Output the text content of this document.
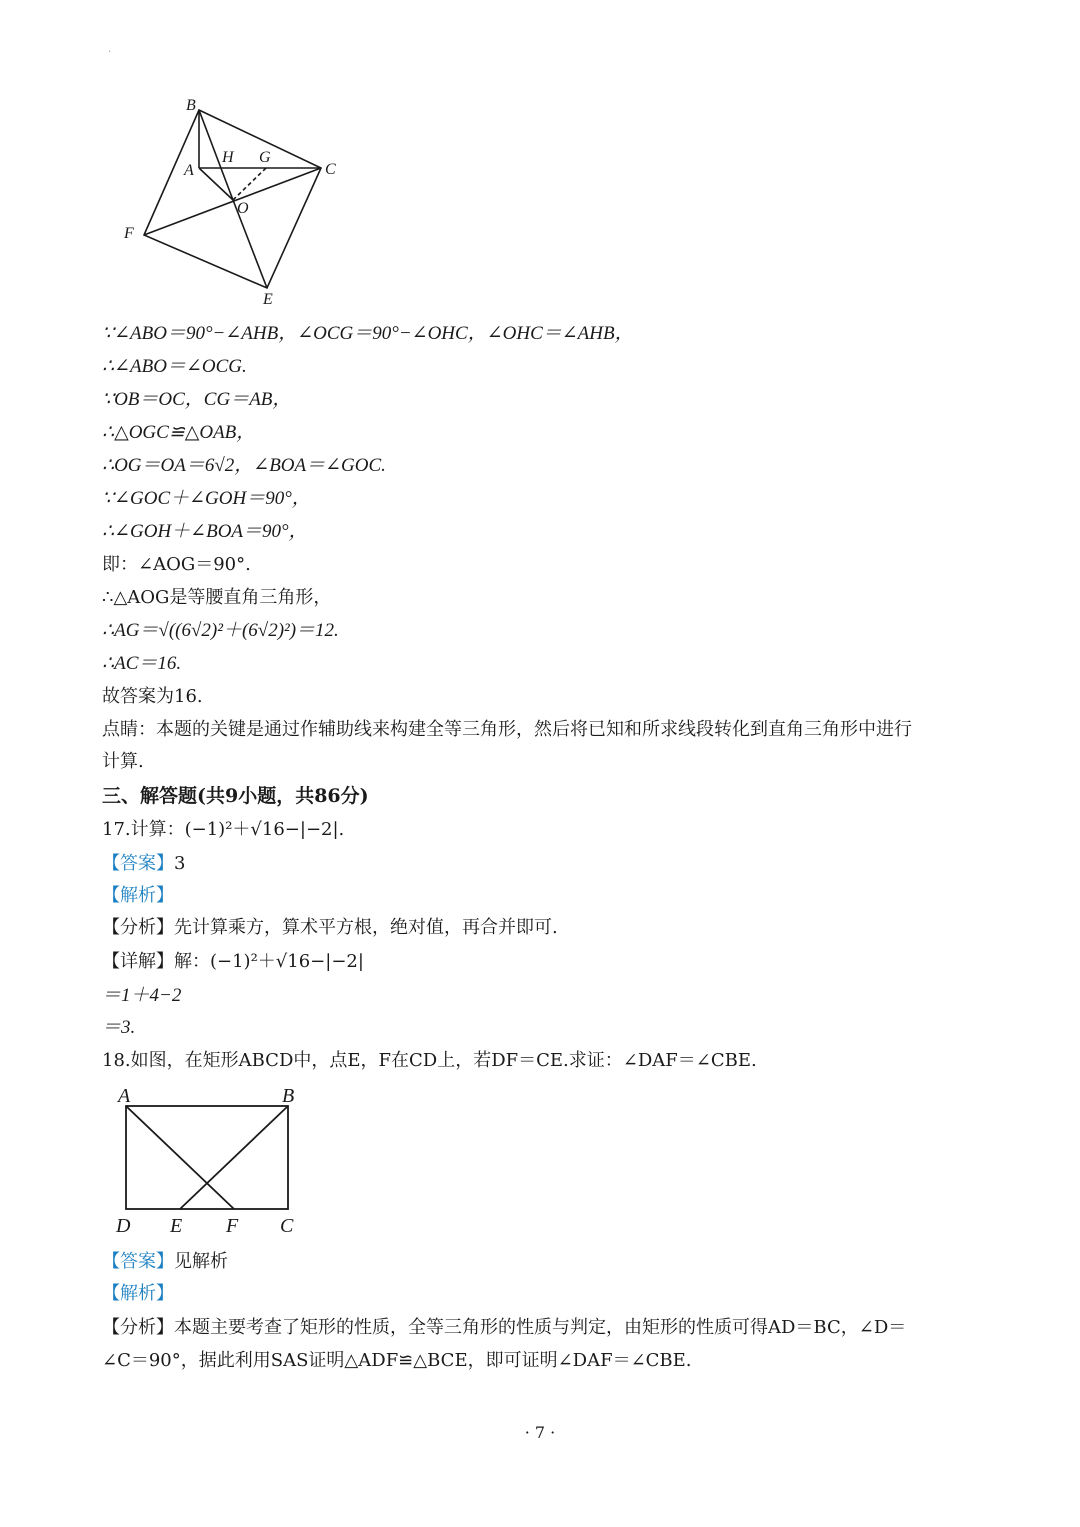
.
B
A
H G
C
O
F
E
∵∠ABO＝90°−∠AHB，∠OCG＝90°−∠OHC，∠OHC＝∠AHB，
∴∠ABO＝∠OCG.
∵OB＝OC，CG＝AB，
∴△OGC≌△OAB，
∴OG＝OA＝6√2，∠BOA＝∠GOC.
∵∠GOC＋∠GOH＝90°，
∴∠GOH＋∠BOA＝90°，
即：∠AOG＝90°.
∴△AOG是等腰直角三角形，
∴AG＝√((6√2)²＋(6√2)²)＝12.
∴AC＝16.
故答案为16.
点睛：本题的关键是通过作辅助线来构建全等三角形，然后将已知和所求线段转化到直角三角形中进行
计算.
三、解答题(共9小题，共86分)
17.计算：(−1)²＋√16−|−2|.
【答案】3
【解析】
【分析】先计算乘方，算术平方根，绝对值，再合并即可.
【详解】解：(−1)²＋√16−|−2|
＝1＋4−2
＝3.
18.如图，在矩形ABCD中，点E，F在CD上，若DF＝CE.求证：∠DAF＝∠CBE.
A	B
D E F C
【答案】见解析
【解析】
【分析】本题主要考查了矩形的性质，全等三角形的性质与判定，由矩形的性质可得AD＝BC，∠D＝
∠C＝90°，据此利用SAS证明△ADF≌△BCE，即可证明∠DAF＝∠CBE.
· 7 ·
